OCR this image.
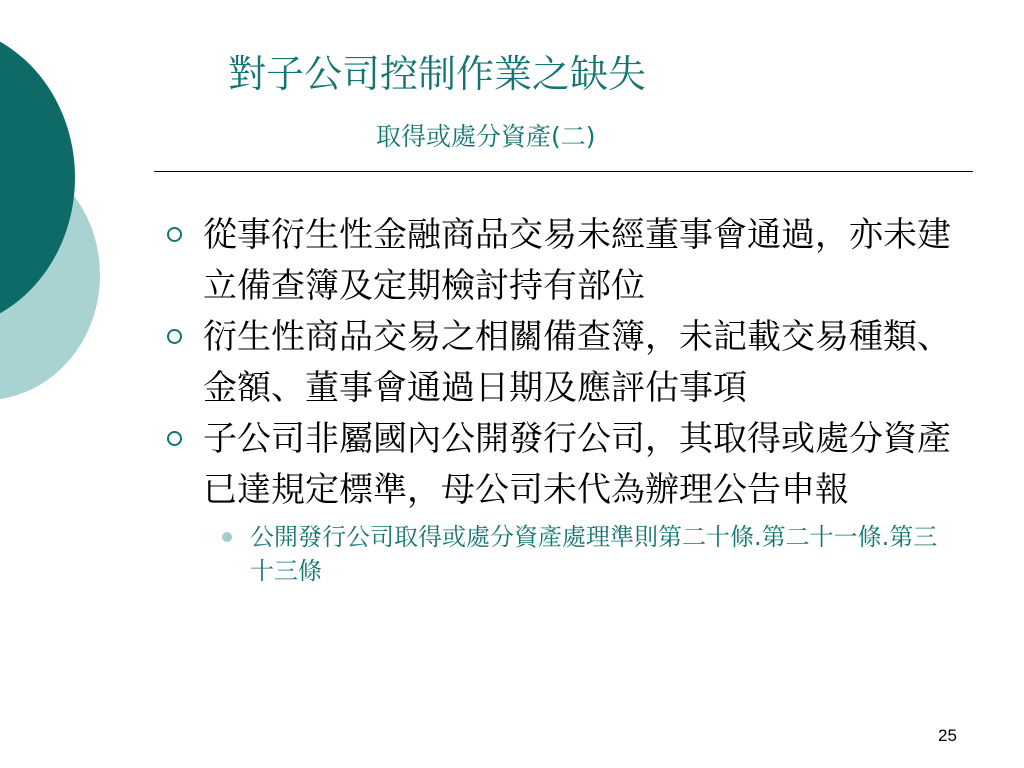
對子公司控制作業之缺失
取得或處分資產(二)
從事衍生性金融商品交易未經董事會通過，亦未建立備查簿及定期檢討持有部位
衍生性商品交易之相關備查簿，未記載交易種類、金額、董事會通過日期及應評估事項
子公司非屬國內公開發行公司，其取得或處分資產已達規定標準，母公司未代為辦理公告申報
公開發行公司取得或處分資產處理準則第二十條.第二十一條.第三十三條
25
